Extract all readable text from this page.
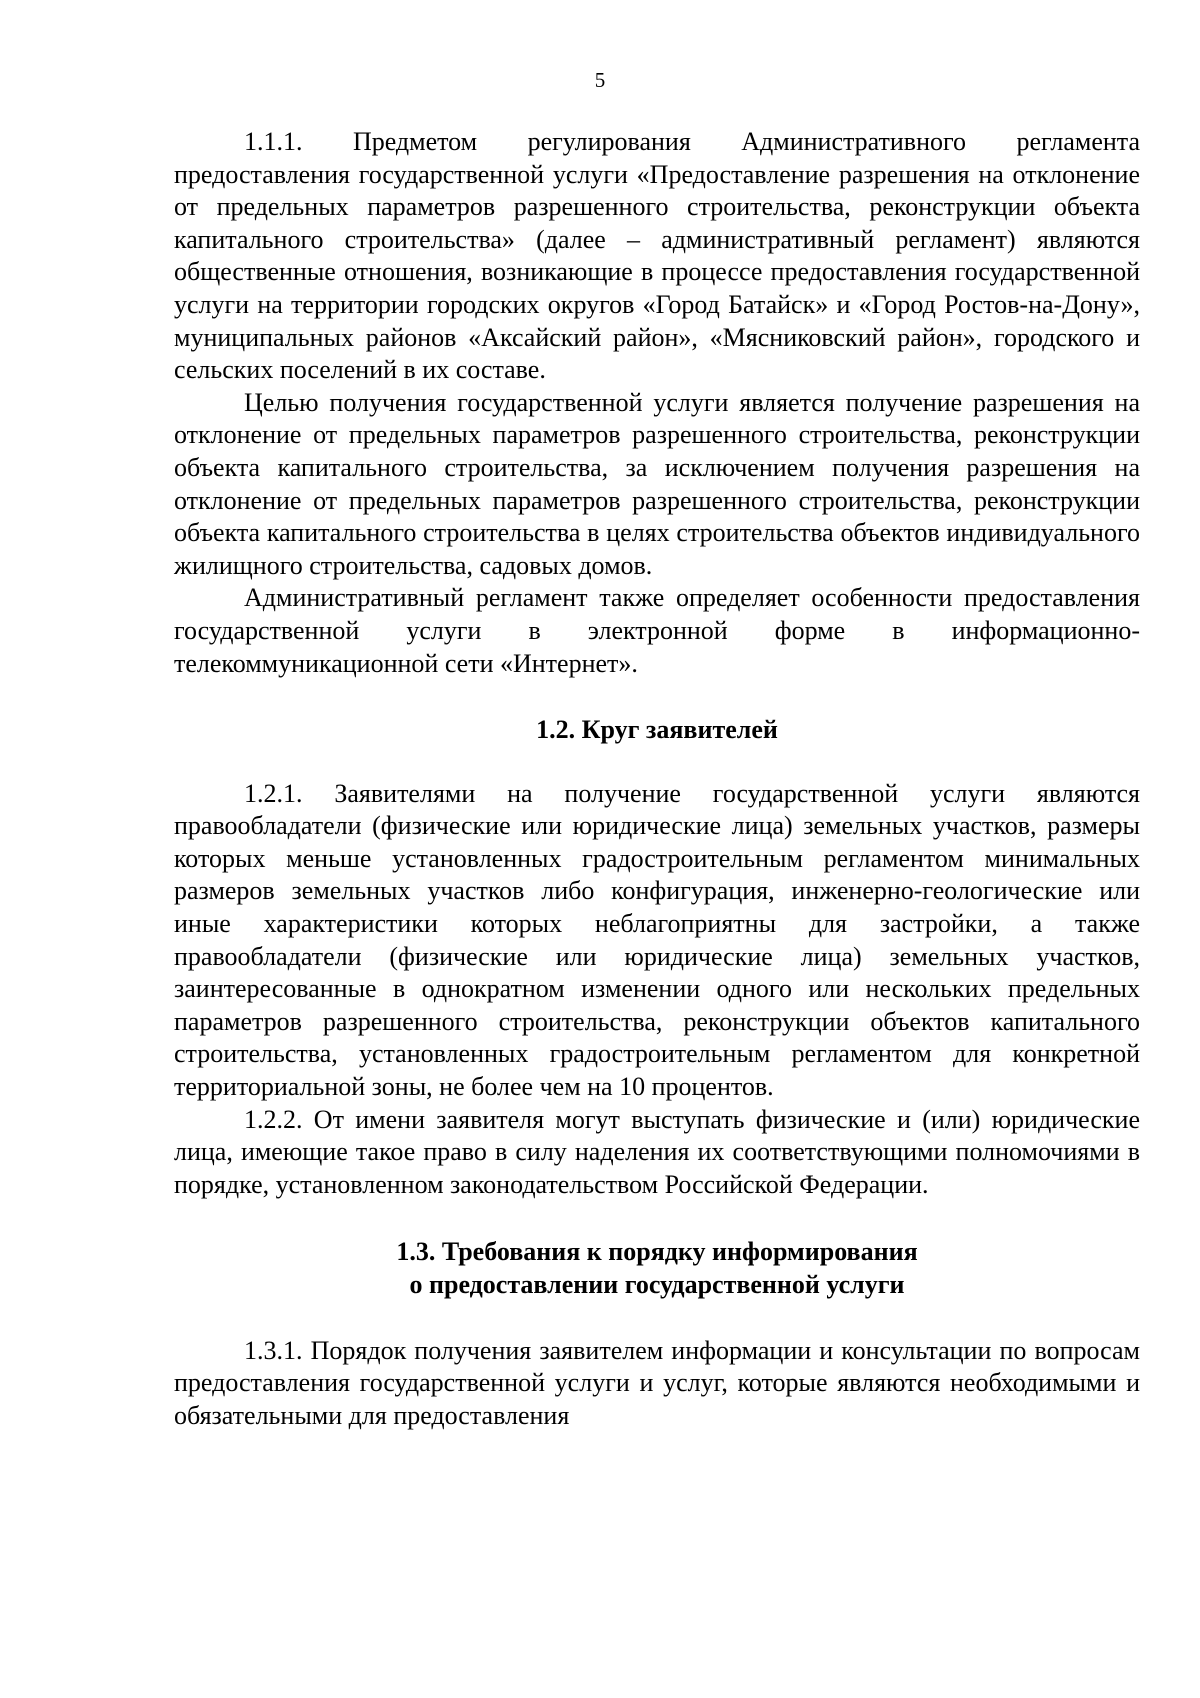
5

1.1.1. Предметом регулирования Административного регламента предоставления государственной услуги «Предоставление разрешения на отклонение от предельных параметров разрешенного строительства, реконструкции объекта капитального строительства» (далее – административный регламент) являются общественные отношения, возникающие в процессе предоставления государственной услуги на территории городских округов «Город Батайск» и «Город Ростов-на-Дону», муниципальных районов «Аксайский район», «Мясниковский район», городского и сельских поселений в их составе.

Целью получения государственной услуги является получение разрешения на отклонение от предельных параметров разрешенного строительства, реконструкции объекта капитального строительства, за исключением получения разрешения на отклонение от предельных параметров разрешенного строительства, реконструкции объекта капитального строительства в целях строительства объектов индивидуального жилищного строительства, садовых домов.

Административный регламент также определяет особенности предоставления государственной услуги в электронной форме в информационно-телекоммуникационной сети «Интернет».

1.2. Круг заявителей

1.2.1. Заявителями на получение государственной услуги являются правообладатели (физические или юридические лица) земельных участков, размеры которых меньше установленных градостроительным регламентом минимальных размеров земельных участков либо конфигурация, инженерно-геологические или иные характеристики которых неблагоприятны для застройки, а также правообладатели (физические или юридические лица) земельных участков, заинтересованные в однократном изменении одного или нескольких предельных параметров разрешенного строительства, реконструкции объектов капитального строительства, установленных градостроительным регламентом для конкретной территориальной зоны, не более чем на 10 процентов.

1.2.2. От имени заявителя могут выступать физические и (или) юридические лица, имеющие такое право в силу наделения их соответствующими полномочиями в порядке, установленном законодательством Российской Федерации.

1.3. Требования к порядку информирования
о предоставлении государственной услуги

1.3.1. Порядок получения заявителем информации и консультации по вопросам предоставления государственной услуги и услуг, которые являются необходимыми и обязательными для предоставления
